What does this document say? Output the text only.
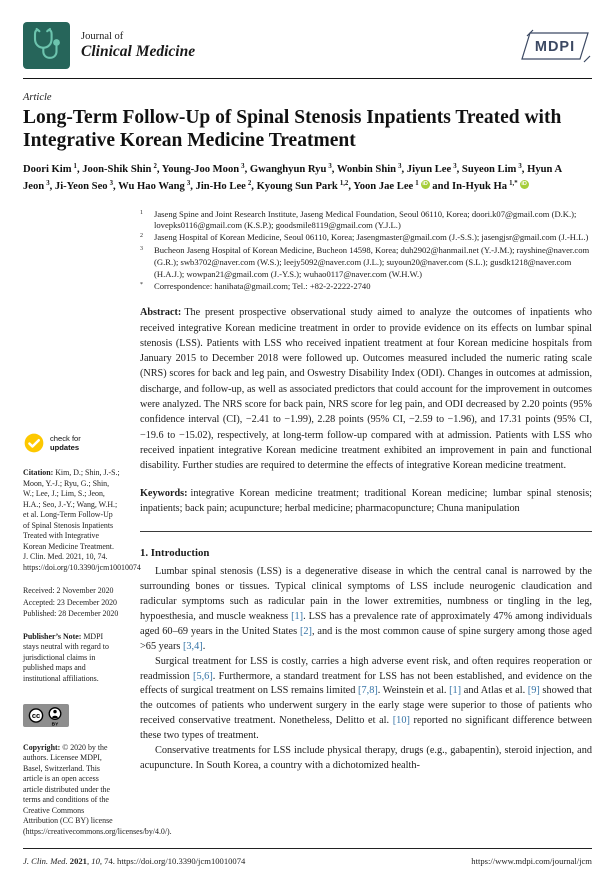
Journal of
Clinical Medicine	MDPI
Article
Long-Term Follow-Up of Spinal Stenosis Inpatients Treated with Integrative Korean Medicine Treatment
Doori Kim $^1$, Joon-Shik Shin $^2$, Young-Joo Moon $^3$, Gwanghyun Ryu $^3$, Wonbin Shin $^3$, Jiyun Lee $^3$, Suyeon Lim $^3$, Hyun A Jeon $^3$, Ji-Yeon Seo $^3$, Wu Hao Wang $^3$, Jin-Ho Lee $^2$, Kyoung Sun Park $^{1,2}$, Yoon Jae Lee $^1$ iD and In-Hyuk Ha $^{1,*}$ iD
check for
updates
Citation: Kim, D.; Shin, J.-S.; Moon, Y.-J.; Ryu, G.; Shin, W.; Lee, J.; Lim, S.; Jeon, H.A.; Seo, J.-Y.; Wang, W.H.; et al. Long-Term Follow-Up of Spinal Stenosis Inpatients Treated with Integrative Korean Medicine Treatment. J. Clin. Med. 2021, 10, 74. https://doi.org/10.3390/jcm10010074
Received: 2 November 2020
Accepted: 23 December 2020
Published: 28 December 2020
Publisher’s Note: MDPI stays neutral with regard to jurisdictional claims in published maps and institutional affiliations.
cc
BY
Copyright: © 2020 by the authors. Licensee MDPI, Basel, Switzerland. This article is an open access article distributed under the terms and conditions of the Creative Commons Attribution (CC BY) license (https://creativecommons.org/licenses/by/4.0/).
$^1$	Jaseng Spine and Joint Research Institute, Jaseng Medical Foundation, Seoul 06110, Korea; doori.k07@gmail.com (D.K.); lovepks0116@gmail.com (K.S.P.); goodsmile8119@gmail.com (Y.J.L.)
$^2$	Jaseng Hospital of Korean Medicine, Seoul 06110, Korea; Jasengmaster@gmail.com (J.-S.S.); jasengjsr@gmail.com (J.-H.L.)
$^3$	Bucheon Jaseng Hospital of Korean Medicine, Bucheon 14598, Korea; duh2902@hanmail.net (Y.-J.M.); rayshine@naver.com (G.R.); swb3702@naver.com (W.S.); leejy5092@naver.com (J.L.); suyoun20@naver.com (S.L.); gusdk1218@naver.com (H.A.J.); wowpan21@gmail.com (J.-Y.S.); wuhao0117@naver.com (W.H.W.)
*	Correspondence: hanihata@gmail.com; Tel.: +82-2-2222-2740

Abstract: The present prospective observational study aimed to analyze the outcomes of inpatients who received integrative Korean medicine treatment in order to provide evidence on its effects on lumbar spinal stenosis (LSS). Patients with LSS who received inpatient treatment at four Korean medicine hospitals from January 2015 to December 2018 were followed up. Outcomes measured included the numeric rating scale (NRS) scores for back and leg pain, and Oswestry Disability Index (ODI). Changes in outcomes at admission, discharge, and follow-up, as well as associated predictors that could account for the improvement in outcomes were analyzed. The NRS score for back pain, NRS score for leg pain, and ODI decreased by 2.20 points (95% confidence interval (CI), −2.41 to −1.99), 2.28 points (95% CI, −2.59 to −1.96), and 17.31 points (95% CI, −19.6 to −15.02), respectively, at long-term follow-up compared with at admission. Patients with LSS who received inpatient integrative Korean medicine treatment exhibited an improvement in pain and functional disability. Further studies are required to determine the effects of integrative Korean medicine treatment.

Keywords: integrative Korean medicine treatment; traditional Korean medicine; lumbar spinal stenosis; inpatients; back pain; acupuncture; herbal medicine; pharmacopuncture; Chuna manipulation

1. Introduction

Lumbar spinal stenosis (LSS) is a degenerative disease in which the central canal is narrowed by the surrounding bones or tissues. Typical clinical symptoms of LSS include neurogenic claudication and radicular symptoms such as radicular pain in the lower extremities, numbness or tingling in the leg, hypoesthesia, and muscle weakness [1]. LSS has a prevalence rate of approximately 47% among individuals aged 60–69 years in the United States [2], and is the most common cause of spine surgery among those aged >65 years [3,4].

Surgical treatment for LSS is costly, carries a high adverse event risk, and often requires reoperation or readmission [5,6]. Furthermore, a standard treatment for LSS has not been established, and evidence on the effects of surgical treatment on LSS remains limited [7,8]. Weinstein et al. [1] and Atlas et al. [9] showed that the outcomes of patients who underwent surgery in the early stage were superior to those of patients who received conservative treatment. Nonetheless, Delitto et al. [10] reported no significant difference between these two types of treatment.

Conservative treatments for LSS include physical therapy, drugs (e.g., gabapentin), steroid injection, and acupuncture. In South Korea, a country with a dichotomized health-

J. Clin. Med. 2021, 10, 74. https://doi.org/10.3390/jcm10010074	https://www.mdpi.com/journal/jcm
